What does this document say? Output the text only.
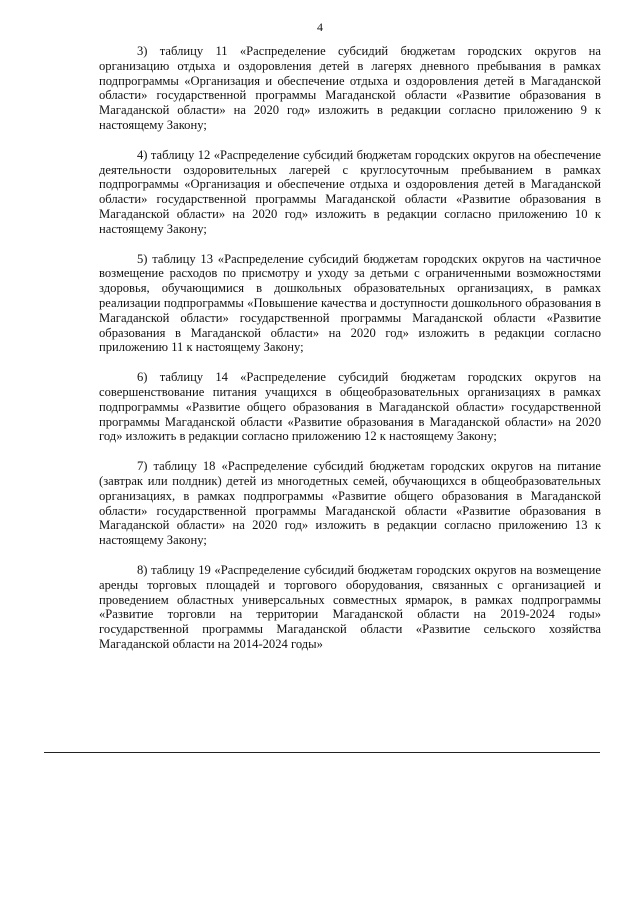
4

3) таблицу 11 «Распределение субсидий бюджетам городских округов на организацию отдыха и оздоровления детей в лагерях дневного пребывания в рамках подпрограммы «Организация и обеспечение отдыха и оздоровления детей в Магаданской области» государственной программы Магаданской области «Развитие образования в Магаданской области» на 2020 год» изложить в редакции согласно приложению 9 к настоящему Закону;

4) таблицу 12 «Распределение субсидий бюджетам городских округов на обеспечение деятельности оздоровительных лагерей с круглосуточным пребыванием в рамках подпрограммы «Организация и обеспечение отдыха и оздоровления детей в Магаданской области» государственной программы Магаданской области «Развитие образования в Магаданской области» на 2020 год» изложить в редакции согласно приложению 10 к настоящему Закону;

5) таблицу 13 «Распределение субсидий бюджетам городских округов на частичное возмещение расходов по присмотру и уходу за детьми с ограниченными возможностями здоровья, обучающимися в дошкольных образовательных организациях, в рамках реализации подпрограммы «Повышение качества и доступности дошкольного образования в Магаданской области» государственной программы Магаданской области «Развитие образования в Магаданской области» на 2020 год» изложить в редакции согласно приложению 11 к настоящему Закону;

6) таблицу 14 «Распределение субсидий бюджетам городских округов на совершенствование питания учащихся в общеобразовательных организациях в рамках подпрограммы «Развитие общего образования в Магаданской области» государственной программы Магаданской области «Развитие образования в Магаданской области» на 2020 год» изложить в редакции согласно приложению 12 к настоящему Закону;

7) таблицу 18 «Распределение субсидий бюджетам городских округов на питание (завтрак или полдник) детей из многодетных семей, обучающихся в общеобразовательных организациях, в рамках подпрограммы «Развитие общего образования в Магаданской области» государственной программы Магаданской области «Развитие образования в Магаданской области» на 2020 год» изложить в редакции согласно приложению 13 к настоящему Закону;

8) таблицу 19 «Распределение субсидий бюджетам городских округов на возмещение аренды торговых площадей и торгового оборудования, связанных с организацией и проведением областных универсальных совместных ярмарок, в рамках подпрограммы «Развитие торговли на территории Магаданской области на 2019-2024 годы» государственной программы Магаданской области «Развитие сельского хозяйства Магаданской области на 2014-2024 годы»
